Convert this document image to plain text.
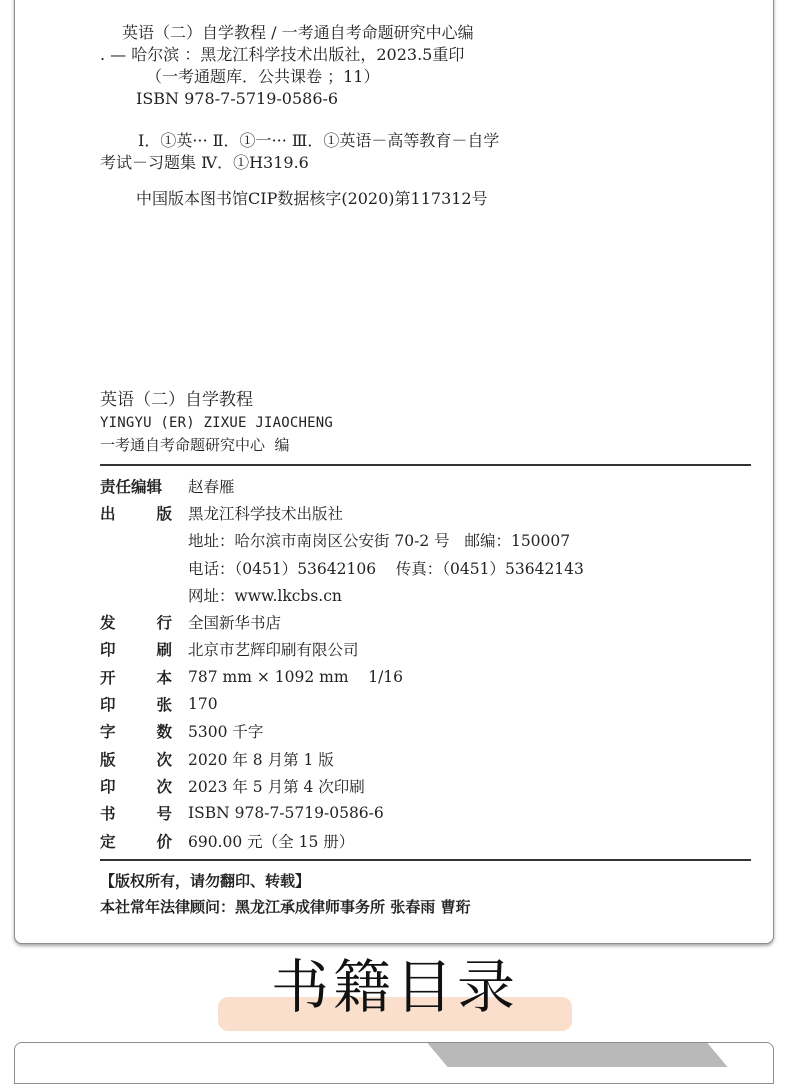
英语（二）自学教程 / 一考通自考命题研究中心编
. — 哈尔滨 ：黑龙江科学技术出版社，2023.5重印
（一考通题库．公共课卷 ；11）
ISBN 978-7-5719-0586-6
Ⅰ．①英··· Ⅱ．①一··· Ⅲ．①英语－高等教育－自学
考试－习题集 Ⅳ．①H319.6
中国版本图书馆CIP数据核字(2020)第117312号
英语（二）自学教程
YINGYU (ER) ZIXUE JIAOCHENG
一考通自考命题研究中心  编
责任编辑	赵春雁
出	版 黑龙江科学技术出版社
地址：哈尔滨市南岗区公安街 70-2 号   邮编：150007
电话：（0451）53642106    传真：（0451）53642143
网址：www.lkcbs.cn
发	行 全国新华书店
印	刷 北京市艺辉印刷有限公司
开	本 787 mm × 1092 mm    1/16
印	张 170
字	数 5300 千字
版	次 2020 年 8 月第 1 版
印	次 2023 年 5 月第 4 次印刷
书	号 ISBN 978-7-5719-0586-6
定	价 690.00 元（全 15 册）
【版权所有，请勿翻印、转载】
本社常年法律顾问：黑龙江承成律师事务所 张春雨 曹珩
书籍目录
